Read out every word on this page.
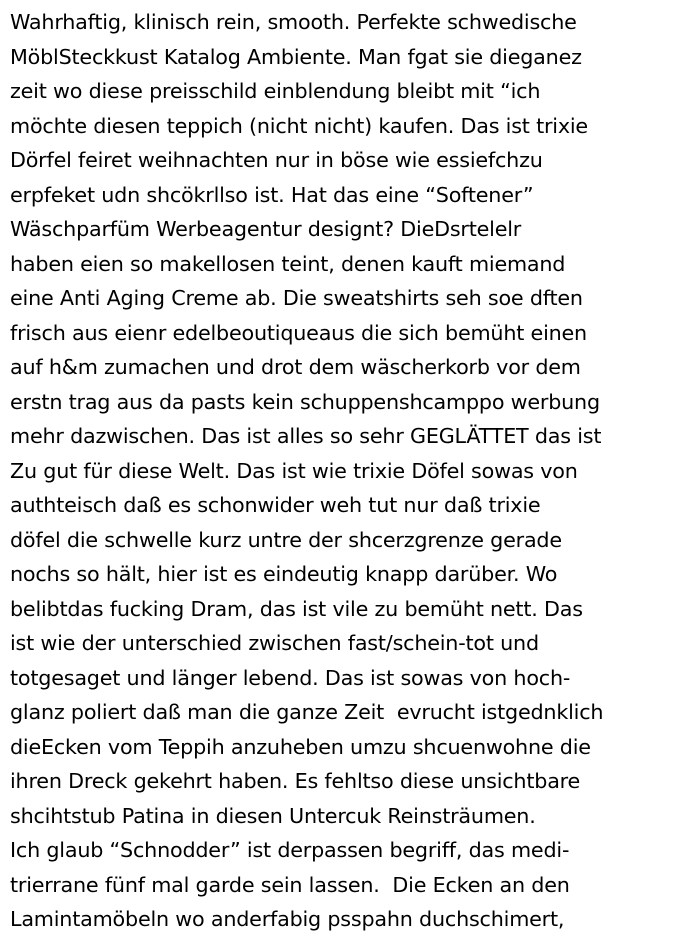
Wahrhaftig, klinisch rein, smooth. Perfekte schwedische
MöblSteckkust Katalog Ambiente. Man fgat sie dieganez
zeit wo diese preisschild einblendung bleibt mit “ich
möchte diesen teppich (nicht nicht) kaufen. Das ist trixie
Dörfel feiret weihnachten nur in böse wie essiefchzu
erpfeket udn shcökrllso ist. Hat das eine “Softener”
Wäschparfüm Werbeagentur designt? DieDsrtelelr
haben eien so makellosen teint, denen kauft miemand
eine Anti Aging Creme ab. Die sweatshirts seh soe dften
frisch aus eienr edelbeoutiqueaus die sich bemüht einen
auf h&m zumachen und drot dem wäscherkorb vor dem
erstn trag aus da pasts kein schuppenshcamppo werbung
mehr dazwischen. Das ist alles so sehr GEGLÄTTET das ist
Zu gut für diese Welt. Das ist wie trixie Döfel sowas von
authteisch daß es schonwider weh tut nur daß trixie
döfel die schwelle kurz untre der shcerzgrenze gerade
nochs so hält, hier ist es eindeutig knapp darüber. Wo
belibtdas fucking Dram, das ist vile zu bemüht nett. Das
ist wie der unterschied zwischen fast/schein-tot und
totgesaget und länger lebend. Das ist sowas von hoch-
glanz poliert daß man die ganze Zeit  evrucht istgednklich
dieEcken vom Teppih anzuheben umzu shcuenwohne die
ihren Dreck gekehrt haben. Es fehltso diese unsichtbare
shcihtstub Patina in diesen Untercuk Reinsträumen.
Ich glaub “Schnodder” ist derpassen begriff, das medi-
trierrane fünf mal garde sein lassen.  Die Ecken an den
Lamintamöbeln wo anderfabig psspahn duchschimert,
